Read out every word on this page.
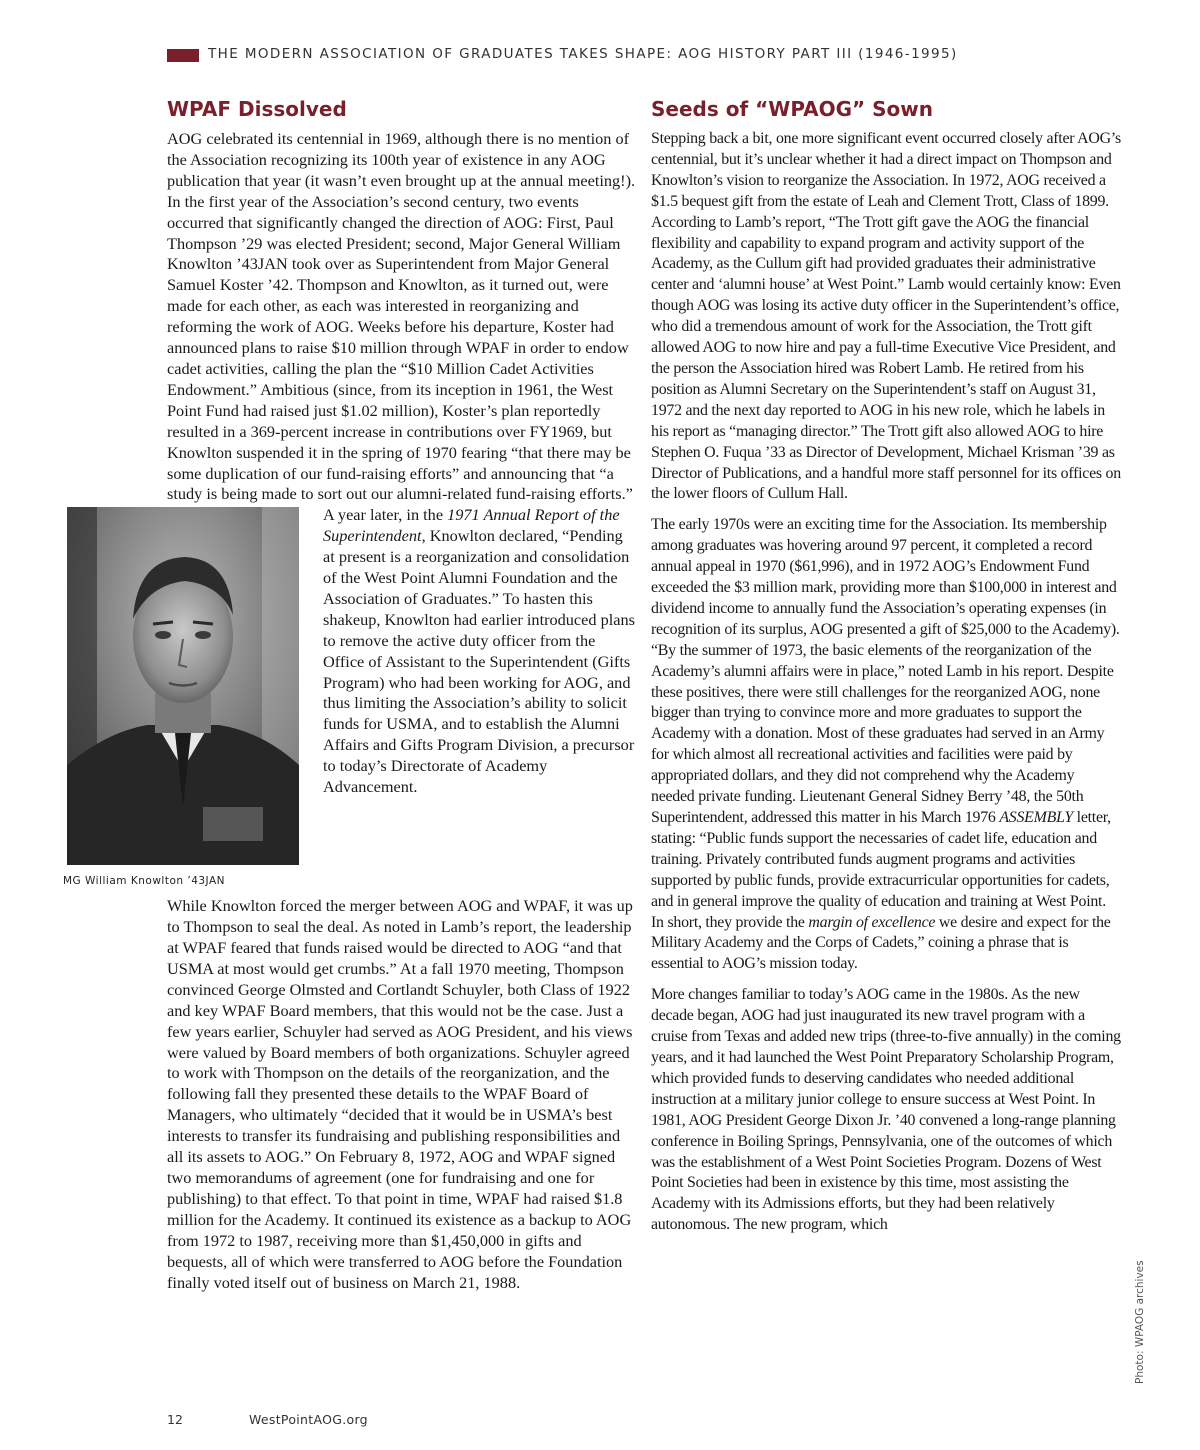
THE MODERN ASSOCIATION OF GRADUATES TAKES SHAPE: AOG HISTORY PART III (1946-1995)
WPAF Dissolved

AOG celebrated its centennial in 1969, although there is no mention of the Association recognizing its 100th year of existence in any AOG publication that year (it wasn’t even brought up at the annual meeting!). In the first year of the Association’s second century, two events occurred that significantly changed the direction of AOG: First, Paul Thompson ’29 was elected President; second, Major General William Knowlton ’43JAN took over as Superintendent from Major General Samuel Koster ’42. Thompson and Knowlton, as it turned out, were made for each other, as each was interested in reorganizing and reforming the work of AOG. Weeks before his departure, Koster had announced plans to raise $10 million through WPAF in order to endow cadet activities, calling the plan the “$10 Million Cadet Activities Endowment.” Ambitious (since, from its inception in 1961, the West Point Fund had raised just $1.02 million), Koster’s plan reportedly resulted in a 369-percent increase in contributions over FY1969, but Knowlton suspended it in the spring of 1970 fearing “that there may be some duplication of our fund-raising efforts” and announcing that “a study is being made to sort out our alumni-related fund-raising efforts.” A year later, in the
MG William Knowlton ’43JAN
1971 Annual Report of the Superintendent, Knowlton declared, “Pending at present is a reorganization and consolidation of the West Point Alumni Foundation and the Association of Graduates.” To hasten this shakeup, Knowlton had earlier introduced plans to remove the active duty officer from the Office of Assistant to the Superintendent (Gifts Program) who had been working for AOG, and thus limiting the Association’s ability to solicit funds for USMA, and to establish the Alumni Affairs and Gifts Program Division, a precursor to today’s Directorate of Academy Advancement.

While Knowlton forced the merger between AOG and WPAF, it was up to Thompson to seal the deal. As noted in Lamb’s report, the leadership at WPAF feared that funds raised would be directed to AOG “and that USMA at most would get crumbs.” At a fall 1970 meeting, Thompson convinced George Olmsted and Cortlandt Schuyler, both Class of 1922 and key WPAF Board members, that this would not be the case. Just a few years earlier, Schuyler had served as AOG President, and his views were valued by Board members of both organizations. Schuyler agreed to work with Thompson on the details of the reorganization, and the following fall they presented these details to the WPAF Board of Managers, who ultimately “decided that it would be in USMA’s best interests to transfer its fundraising and publishing responsibilities and all its assets to AOG.” On February 8, 1972, AOG and WPAF signed two memorandums of agreement (one for fundraising and one for publishing) to that effect. To that point in time, WPAF had raised $1.8 million for the Academy. It continued its existence as a backup to AOG from 1972 to 1987, receiving more than $1,450,000 in gifts and bequests, all of which were transferred to AOG before the Foundation finally voted itself out of business on March 21, 1988.

Seeds of “WPAOG” Sown

Stepping back a bit, one more significant event occurred closely after AOG’s centennial, but it’s unclear whether it had a direct impact on Thompson and Knowlton’s vision to reorganize the Association. In 1972, AOG received a $1.5 bequest gift from the estate of Leah and Clement Trott, Class of 1899. According to Lamb’s report, “The Trott gift gave the AOG the financial flexibility and capability to expand program and activity support of the Academy, as the Cullum gift had provided graduates their administrative center and ‘alumni house’ at West Point.” Lamb would certainly know: Even though AOG was losing its active duty officer in the Superintendent’s office, who did a tremendous amount of work for the Association, the Trott gift allowed AOG to now hire and pay a full-time Executive Vice President, and the person the Association hired was Robert Lamb. He retired from his position as Alumni Secretary on the Superintendent’s staff on August 31, 1972 and the next day reported to AOG in his new role, which he labels in his report as “managing director.” The Trott gift also allowed AOG to hire Stephen O. Fuqua ’33 as Director of Development, Michael Krisman ’39 as Director of Publications, and a handful more staff personnel for its offices on the lower floors of Cullum Hall.

The early 1970s were an exciting time for the Association. Its membership among graduates was hovering around 97 percent, it completed a record annual appeal in 1970 ($61,996), and in 1972 AOG’s Endowment Fund exceeded the $3 million mark, providing more than $100,000 in interest and dividend income to annually fund the Association’s operating expenses (in recognition of its surplus, AOG presented a gift of $25,000 to the Academy). “By the summer of 1973, the basic elements of the reorganization of the Academy’s alumni affairs were in place,” noted Lamb in his report. Despite these positives, there were still challenges for the reorganized AOG, none bigger than trying to convince more and more graduates to support the Academy with a donation. Most of these graduates had served in an Army for which almost all recreational activities and facilities were paid by appropriated dollars, and they did not comprehend why the Academy needed private funding. Lieutenant General Sidney Berry ’48, the 50th Superintendent, addressed this matter in his March 1976 ASSEMBLY letter, stating: “Public funds support the necessaries of cadet life, education and training. Privately contributed funds augment programs and activities supported by public funds, provide extracurricular opportunities for cadets, and in general improve the quality of education and training at West Point. In short, they provide the margin of excellence we desire and expect for the Military Academy and the Corps of Cadets,” coining a phrase that is essential to AOG’s mission today.

More changes familiar to today’s AOG came in the 1980s. As the new decade began, AOG had just inaugurated its new travel program with a cruise from Texas and added new trips (three-to-five annually) in the coming years, and it had launched the West Point Preparatory Scholarship Program, which provided funds to deserving candidates who needed additional instruction at a military junior college to ensure success at West Point. In 1981, AOG President George Dixon Jr. ’40 convened a long-range planning conference in Boiling Springs, Pennsylvania, one of the outcomes of which was the establishment of a West Point Societies Program. Dozens of West Point Societies had been in existence by this time, most assisting the Academy with its Admissions efforts, but they had been relatively autonomous. The new program, which

12	WestPointAOG.org
Photo: WPAOG archives
